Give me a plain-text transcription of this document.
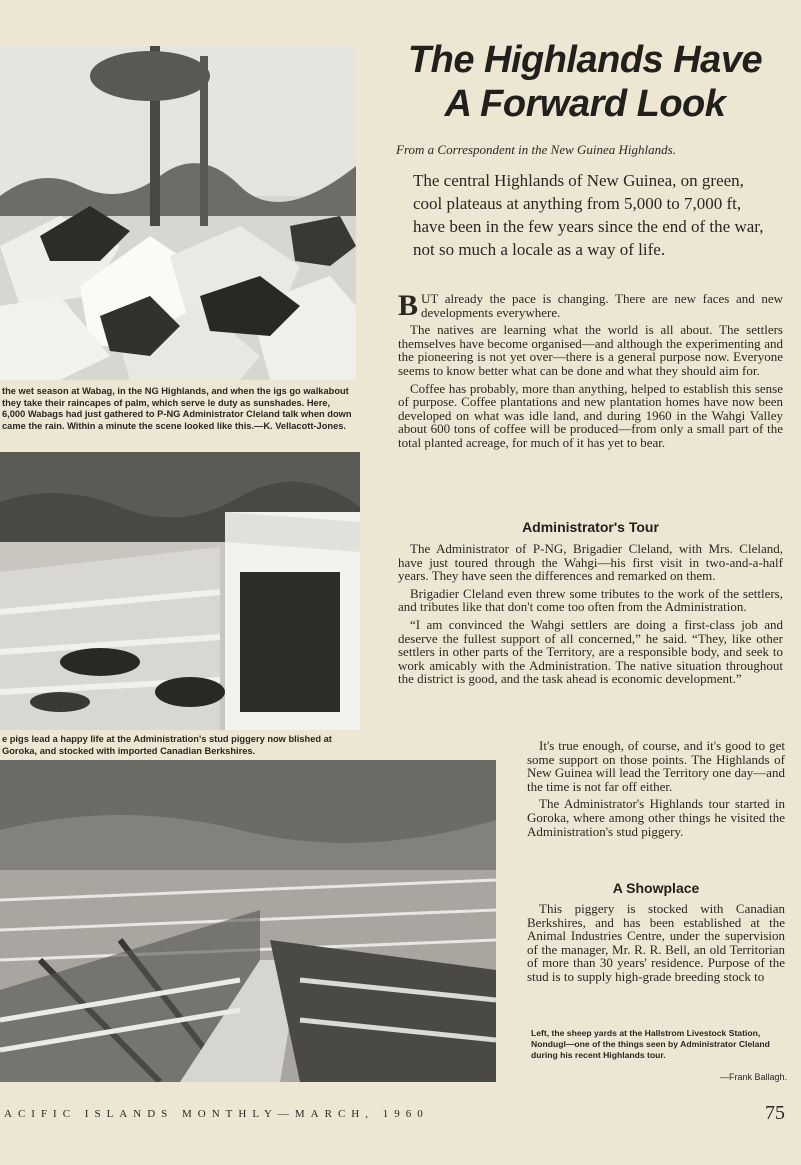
the wet season at Wabag, in the NG Highlands, and when the igs go walkabout they take their raincapes of palm, which serve le duty as sunshades. Here, 6,000 Wabags had just gathered to P-NG Administrator Cleland talk when down came the rain. Within a minute the scene looked like this.—K. Vellacott-Jones.
e pigs lead a happy life at the Administration's stud piggery now blished at Goroka, and stocked with imported Canadian Berkshires.
The Highlands Have
A Forward Look
From a Correspondent in the New Guinea Highlands.
The central Highlands of New Guinea, on green, cool plateaus at anything from 5,000 to 7,000 ft, have been in the few years since the end of the war, not so much a locale as a way of life.

BUT already the pace is changing. There are new faces and new developments everywhere.

The natives are learning what the world is all about. The settlers themselves have become organised—and although the experimenting and the pioneering is not yet over—there is a general purpose now. Everyone seems to know better what can be done and what they should aim for.

Coffee has probably, more than anything, helped to establish this sense of purpose. Coffee plantations and new plantation homes have now been developed on what was idle land, and during 1960 in the Wahgi Valley about 600 tons of coffee will be produced—from only a small part of the total planted acreage, for much of it has yet to bear.

Administrator's Tour

The Administrator of P-NG, Brigadier Cleland, with Mrs. Cleland, have just toured through the Wahgi—his first visit in two-and-a-half years. They have seen the differences and remarked on them.

Brigadier Cleland even threw some tributes to the work of the settlers, and tributes like that don't come too often from the Administration.

“I am convinced the Wahgi settlers are doing a first-class job and deserve the fullest support of all concerned,” he said. “They, like other settlers in other parts of the Territory, are a responsible body, and seek to work amicably with the Administration. The native situation throughout the district is good, and the task ahead is economic development.”

It's true enough, of course, and it's good to get some support on those points. The Highlands of New Guinea will lead the Territory one day—and the time is not far off either.

The Administrator's Highlands tour started in Goroka, where among other things he visited the Administration's stud piggery.

A Showplace

This piggery is stocked with Canadian Berkshires, and has been established at the Animal Industries Centre, under the supervision of the manager, Mr. R. R. Bell, an old Territorian of more than 30 years' residence. Purpose of the stud is to supply high-grade breeding stock to

Left, the sheep yards at the Hallstrom Livestock Station, Nondugl—one of the things seen by Administrator Cleland during his recent Highlands tour.
—Frank Ballagh.
ACIFIC ISLANDS MONTHLY—MARCH, 1960	75
